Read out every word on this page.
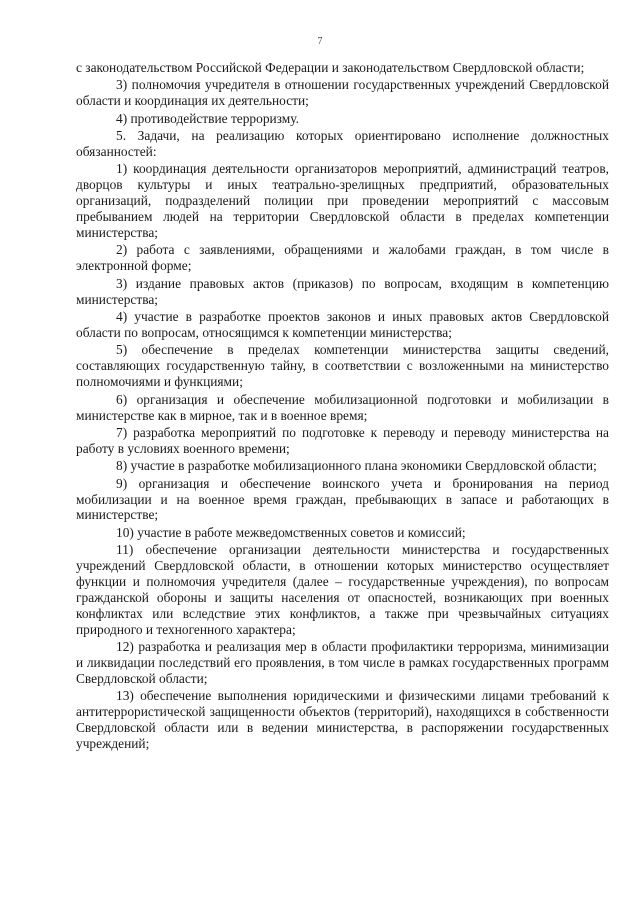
7

с законодательством Российской Федерации и законодательством Свердловской области;

3) полномочия учредителя в отношении государственных учреждений Свердловской области и координация их деятельности;

4) противодействие терроризму.

5. Задачи, на реализацию которых ориентировано исполнение должностных обязанностей:

1) координация деятельности организаторов мероприятий, администраций театров, дворцов культуры и иных театрально-зрелищных предприятий, образовательных организаций, подразделений полиции при проведении мероприятий с массовым пребыванием людей на территории Свердловской области в пределах компетенции министерства;

2) работа с заявлениями, обращениями и жалобами граждан, в том числе в электронной форме;

3) издание правовых актов (приказов) по вопросам, входящим в компетенцию министерства;

4) участие в разработке проектов законов и иных правовых актов Свердловской области по вопросам, относящимся к компетенции министерства;

5) обеспечение в пределах компетенции министерства защиты сведений, составляющих государственную тайну, в соответствии с возложенными на министерство полномочиями и функциями;

6) организация и обеспечение мобилизационной подготовки и мобилизации в министерстве как в мирное, так и в военное время;

7) разработка мероприятий по подготовке к переводу и переводу министерства на работу в условиях военного времени;

8) участие в разработке мобилизационного плана экономики Свердловской области;

9) организация и обеспечение воинского учета и бронирования на период мобилизации и на военное время граждан, пребывающих в запасе и работающих в министерстве;

10) участие в работе межведомственных советов и комиссий;

11) обеспечение организации деятельности министерства и государственных учреждений Свердловской области, в отношении которых министерство осуществляет функции и полномочия учредителя (далее – государственные учреждения), по вопросам гражданской обороны и защиты населения от опасностей, возникающих при военных конфликтах или вследствие этих конфликтов, а также при чрезвычайных ситуациях природного и техногенного характера;

12) разработка и реализация мер в области профилактики терроризма, минимизации и ликвидации последствий его проявления, в том числе в рамках государственных программ Свердловской области;

13) обеспечение выполнения юридическими и физическими лицами требований к антитеррористической защищенности объектов (территорий), находящихся в собственности Свердловской области или в ведении министерства, в распоряжении государственных учреждений;
